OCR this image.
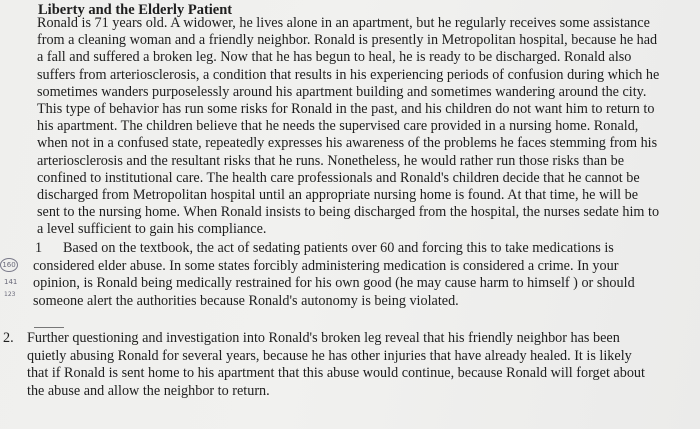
Liberty and the Elderly Patient
Ronald is 71 years old. A widower, he lives alone in an apartment, but he regularly receives some assistance
from a cleaning woman and a friendly neighbor. Ronald is presently in Metropolitan hospital, because he had
a fall and suffered a broken leg. Now that he has begun to heal, he is ready to be discharged. Ronald also
suffers from arteriosclerosis, a condition that results in his experiencing periods of confusion during which he
sometimes wanders purposelessly around his apartment building and sometimes wandering around the city.
This type of behavior has run some risks for Ronald in the past, and his children do not want him to return to
his apartment. The children believe that he needs the supervised care provided in a nursing home. Ronald,
when not in a confused state, repeatedly expresses his awareness of the problems he faces stemming from his
arteriosclerosis and the resultant risks that he runs. Nonetheless, he would rather run those risks than be
confined to institutional care. The health care professionals and Ronald's children decide that he cannot be
discharged from Metropolitan hospital until an appropriate nursing home is found. At that time, he will be
sent to the nursing home. When Ronald insists to being discharged from the hospital, the nurses sedate him to
a level sufficient to gain his compliance.
160
141
123
1 Based on the textbook, the act of sedating patients over 60 and forcing this to take medications is
considered elder abuse. In some states forcibly administering medication is considered a crime. In your
opinion, is Ronald being medically restrained for his own good (he may cause harm to himself ) or should
someone alert the authorities because Ronald's autonomy is being violated.
2. Further questioning and investigation into Ronald's broken leg reveal that his friendly neighbor has been
quietly abusing Ronald for several years, because he has other injuries that have already healed. It is likely
that if Ronald is sent home to his apartment that this abuse would continue, because Ronald will forget about
the abuse and allow the neighbor to return.
